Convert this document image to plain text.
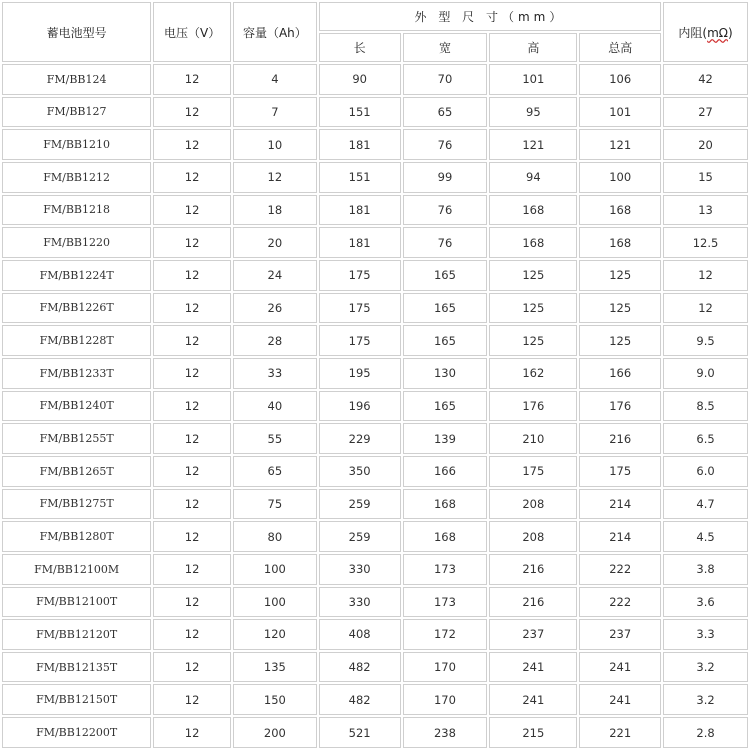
蓄电池型号	电压（V）	容量（Ah）	外 型 尺 寸（mm）				内阻(mΩ)
			长	宽	高	总高	
FM/BB124	12	4	90	70	101	106	42
FM/BB127	12	7	151	65	95	101	27
FM/BB1210	12	10	181	76	121	121	20
FM/BB1212	12	12	151	99	94	100	15
FM/BB1218	12	18	181	76	168	168	13
FM/BB1220	12	20	181	76	168	168	12.5
FM/BB1224T	12	24	175	165	125	125	12
FM/BB1226T	12	26	175	165	125	125	12
FM/BB1228T	12	28	175	165	125	125	9.5
FM/BB1233T	12	33	195	130	162	166	9.0
FM/BB1240T	12	40	196	165	176	176	8.5
FM/BB1255T	12	55	229	139	210	216	6.5
FM/BB1265T	12	65	350	166	175	175	6.0
FM/BB1275T	12	75	259	168	208	214	4.7
FM/BB1280T	12	80	259	168	208	214	4.5
FM/BB12100M	12	100	330	173	216	222	3.8
FM/BB12100T	12	100	330	173	216	222	3.6
FM/BB12120T	12	120	408	172	237	237	3.3
FM/BB12135T	12	135	482	170	241	241	3.2
FM/BB12150T	12	150	482	170	241	241	3.2
FM/BB12200T	12	200	521	238	215	221	2.8
